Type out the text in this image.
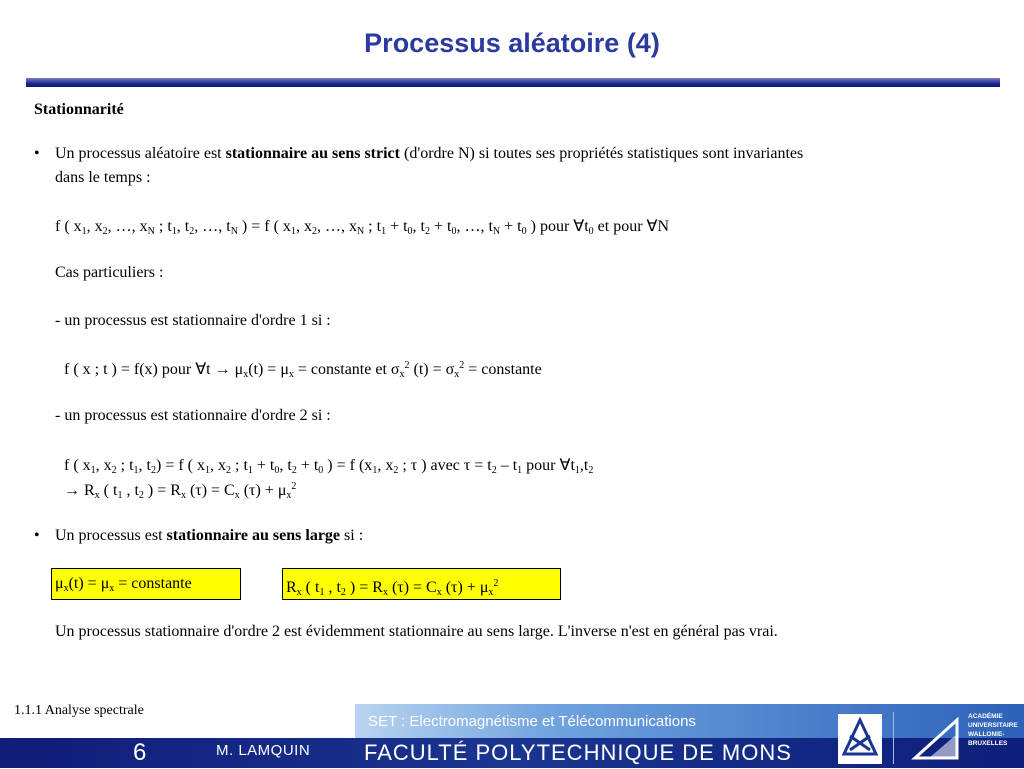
Processus aléatoire (4)
Stationnarité
• Un processus aléatoire est stationnaire au sens strict (d'ordre N) si toutes ses propriétés statistiques sont invariantes
dans le temps :
f ( $x_1$, $x_2$, …, $x_N$ ; $t_1$, $t_2$, …, $t_N$ ) = f ( $x_1$, $x_2$, …, $x_N$ ; $t_1 + t_0$, $t_2 + t_0$, …, $t_N + t_0$ ) pour $\forall t_0$ et pour ∀N
Cas particuliers :
- un processus est stationnaire d'ordre 1 si :
f ( x ; t ) = f(x) pour ∀t → $\mu_x(t) = \mu_x$ = constante et $\sigma_x^2$ $(t) = \sigma_x^2$ = constante
- un processus est stationnaire d'ordre 2 si :
f ( $x_1$, $x_2$ ; $t_1$, $t_2) = f$ ( $x_1$, $x_2$ ; $t_1 + t_0$, $t_2 + t_0$ ) = f ($x_1$, $x_2$ ; τ ) avec $\tau = t_2 - t_1$ pour $\forall t_1,t_2$
→ $R_x$ ( $t_1$ , $t_2$ ) = $R_x$ $(\tau) = C_x$ $(\tau) + \mu_x^2$
• Un processus est stationnaire au sens large si :
$\mu_x(t) = \mu_x$ = constante	$R_x$ ( $t_1$ , $t_2$ ) = $R_x$ $(\tau) = C_x$ $(\tau) + \mu_x^2$
Un processus stationnaire d'ordre 2 est évidemment stationnaire au sens large. L'inverse n'est en général pas vrai.
1.1.1 Analyse spectrale
SET : Electromagnétisme et Télécommunications
6	M. LAMQUIN FACULTÉ POLYTECHNIQUE DE MONS
ACADÉMIE
UNIVERSITAIRE
WALLONIE-
BRUXELLES
